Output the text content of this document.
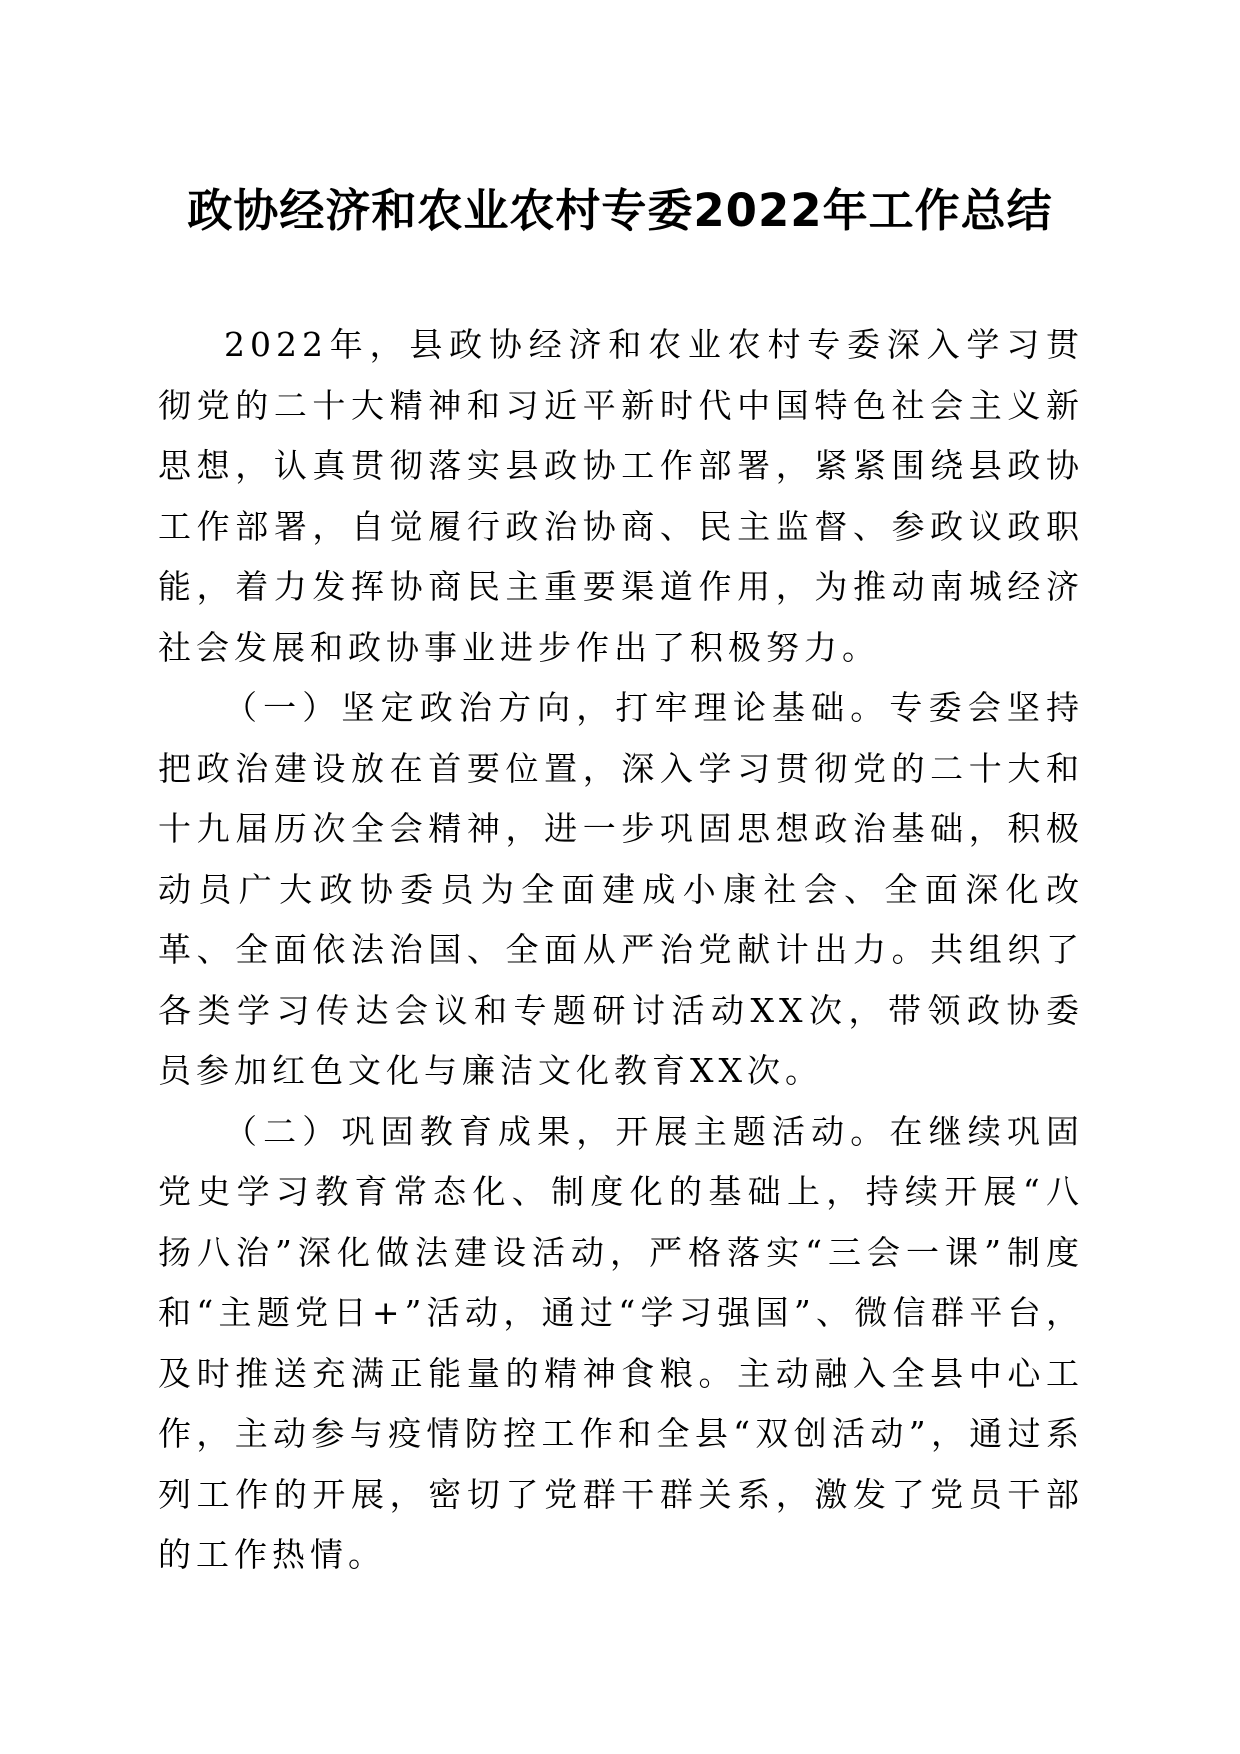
政协经济和农业农村专委2022年工作总结

2022年，县政协经济和农业农村专委深入学习贯彻党的二十大精神和习近平新时代中国特色社会主义新思想，认真贯彻落实县政协工作部署，紧紧围绕县政协工作部署，自觉履行政治协商、民主监督、参政议政职能，着力发挥协商民主重要渠道作用，为推动南城经济社会发展和政协事业进步作出了积极努力。

（一）坚定政治方向，打牢理论基础。专委会坚持把政治建设放在首要位置，深入学习贯彻党的二十大和十九届历次全会精神，进一步巩固思想政治基础，积极动员广大政协委员为全面建成小康社会、全面深化改革、全面依法治国、全面从严治党献计出力。共组织了各类学习传达会议和专题研讨活动XX次，带领政协委员参加红色文化与廉洁文化教育XX次。

（二）巩固教育成果，开展主题活动。在继续巩固党史学习教育常态化、制度化的基础上，持续开展“八扬八治”深化做法建设活动，严格落实“三会一课”制度和“主题党日+”活动，通过“学习强国”、微信群平台，及时推送充满正能量的精神食粮。主动融入全县中心工作，主动参与疫情防控工作和全县“双创活动”，通过系列工作的开展，密切了党群干群关系，激发了党员干部的工作热情。
